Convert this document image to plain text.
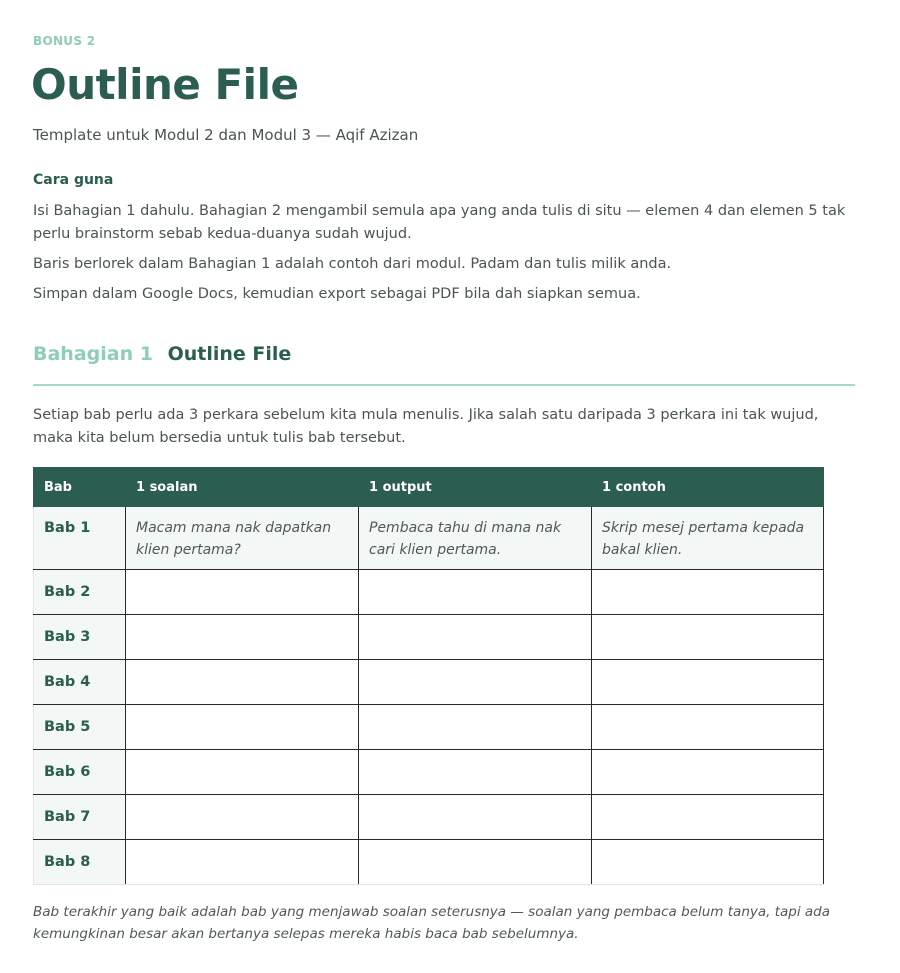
BONUS 2
Outline File
Template untuk Modul 2 dan Modul 3 — Aqif Azizan
Cara guna

Isi Bahagian 1 dahulu. Bahagian 2 mengambil semula apa yang anda tulis di situ — elemen 4 dan elemen 5 tak perlu brainstorm sebab kedua-duanya sudah wujud.

Baris berlorek dalam Bahagian 1 adalah contoh dari modul. Padam dan tulis milik anda.

Simpan dalam Google Docs, kemudian export sebagai PDF bila dah siapkan semua.

Bahagian 1 Outline File

Setiap bab perlu ada 3 perkara sebelum kita mula menulis. Jika salah satu daripada 3 perkara ini tak wujud, maka kita belum bersedia untuk tulis bab tersebut.

Bab	1 soalan	1 output	1 contoh
Bab 1	Macam mana nak dapatkan klien pertama?	Pembaca tahu di mana nak cari klien pertama.	Skrip mesej pertama kepada bakal klien.
Bab 2			
Bab 3			
Bab 4			
Bab 5			
Bab 6			
Bab 7			
Bab 8			

Bab terakhir yang baik adalah bab yang menjawab soalan seterusnya — soalan yang pembaca belum tanya, tapi ada kemungkinan besar akan bertanya selepas mereka habis baca bab sebelumnya.
